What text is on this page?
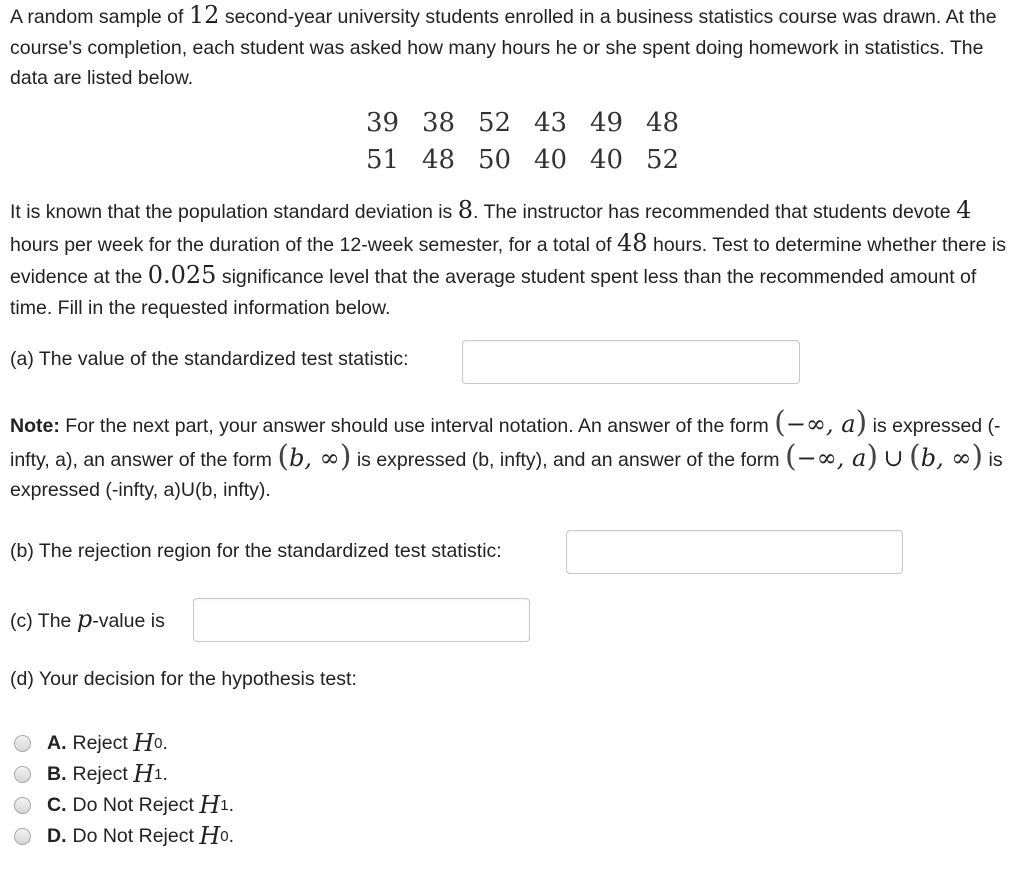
A random sample of 12 second-year university students enrolled in a business statistics course was drawn. At the course's completion, each student was asked how many hours he or she spent doing homework in statistics. The data are listed below.
39 38 52 43 49 48
51 48 50 40 40 52
It is known that the population standard deviation is 8. The instructor has recommended that students devote 4 hours per week for the duration of the 12-week semester, for a total of 48 hours. Test to determine whether there is evidence at the 0.025 significance level that the average student spent less than the recommended amount of time. Fill in the requested information below.
(a) The value of the standardized test statistic:
Note: For the next part, your answer should use interval notation. An answer of the form (−∞, a) is expressed (-infty, a), an answer of the form (b, ∞) is expressed (b, infty), and an answer of the form (−∞, a) ∪ (b, ∞) is expressed (-infty, a)U(b, infty).
(b) The rejection region for the standardized test statistic:
(c) The p-value is
(d) Your decision for the hypothesis test:
A. Reject
H 0 .
B. Reject
H 1 .
C. Do Not Reject
H 1 .
D. Do Not Reject
H 0 .
